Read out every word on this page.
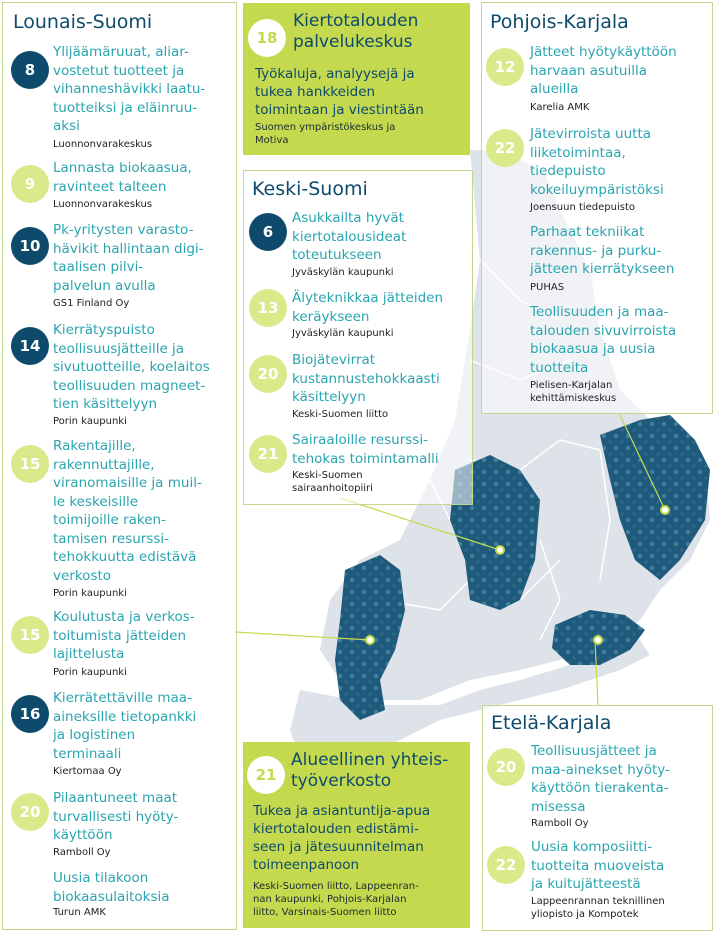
Lounais-Suomi
8
Ylijäämäruuat, aliar-
vostetut tuotteet ja
vihanneshävikki laatu-
tuotteiksi ja eläinruu-
aksi
Luonnonvarakeskus
9
Lannasta biokaasua,
ravinteet talteen
Luonnonvarakeskus
10
Pk-yritysten varasto-
hävikit hallintaan digi-
taalisen pilvi-
palvelun avulla
GS1 Finland Oy
14
Kierrätyspuisto
teollisuusjätteille ja
sivutuotteille, koelaitos
teollisuuden magneet-
tien käsittelyyn
Porin kaupunki
15
Rakentajille,
rakennuttajille,
viranomaisille ja muil-
le keskeisille
toimijoille raken-
tamisen resurssi-
tehokkuutta edistävä
verkosto
Porin kaupunki
15
Koulutusta ja verkos-
toitumista jätteiden
lajittelusta
Porin kaupunki
16
Kierrätettäville maa-
aineksille tietopankki
ja logistinen
terminaali
Kiertomaa Oy
20
Pilaantuneet maat
turvallisesti hyöty-
käyttöön
Ramboll Oy
Uusia tilakoon
biokaasulaitoksia
Turun AMK
18
Kiertotalouden
palvelukeskus
Työkaluja, analyysejä ja
tukea hankkeiden
toimintaan ja viestintään
Suomen ympäristökeskus ja
Motiva
Keski-Suomi
6
Asukkailta hyvät
kiertotalousideat
toteutukseen
Jyväskylän kaupunki
13
Älyteknikkaa jätteiden
keräykseen
Jyväskylän kaupunki
20
Biojätevirrat
kustannustehokkaasti
käsittelyyn
Keski-Suomen liitto
21
Sairaaloille resurssi-
tehokas toimintamalli
Keski-Suomen
sairaanhoitopiiri
Pohjois-Karjala
12
Jätteet hyötykäyttöön
harvaan asutuilla
alueilla
Karelia AMK
22
Jätevirroista uutta
liiketoimintaa,
tiedepuisto
kokeiluympäristöksi
Joensuun tiedepuisto
Parhaat tekniikat
rakennus- ja purku-
jätteen kierrätykseen
PUHAS
Teollisuuden ja maa-
talouden sivuvirroista
biokaasua ja uusia
tuotteita
Pielisen-Karjalan
kehittämiskeskus
Etelä-Karjala
20
Teollisuusjätteet ja
maa-ainekset hyöty-
käyttöön tierakenta-
misessa
Ramboll Oy
22
Uusia komposiitti-
tuotteita muoveista
ja kuitujätteestä
Lappeenrannan teknillinen
yliopisto ja Kompotek
21
Alueellinen yhteis-
työverkosto
Tukea ja asiantuntija-apua
kiertotalouden edistämi-
seen ja jätesuunnitelman
toimeenpanoon
Keski-Suomen liitto, Lappeenran-
nan kaupunki, Pohjois-Karjalan
liitto, Varsinais-Suomen liitto
